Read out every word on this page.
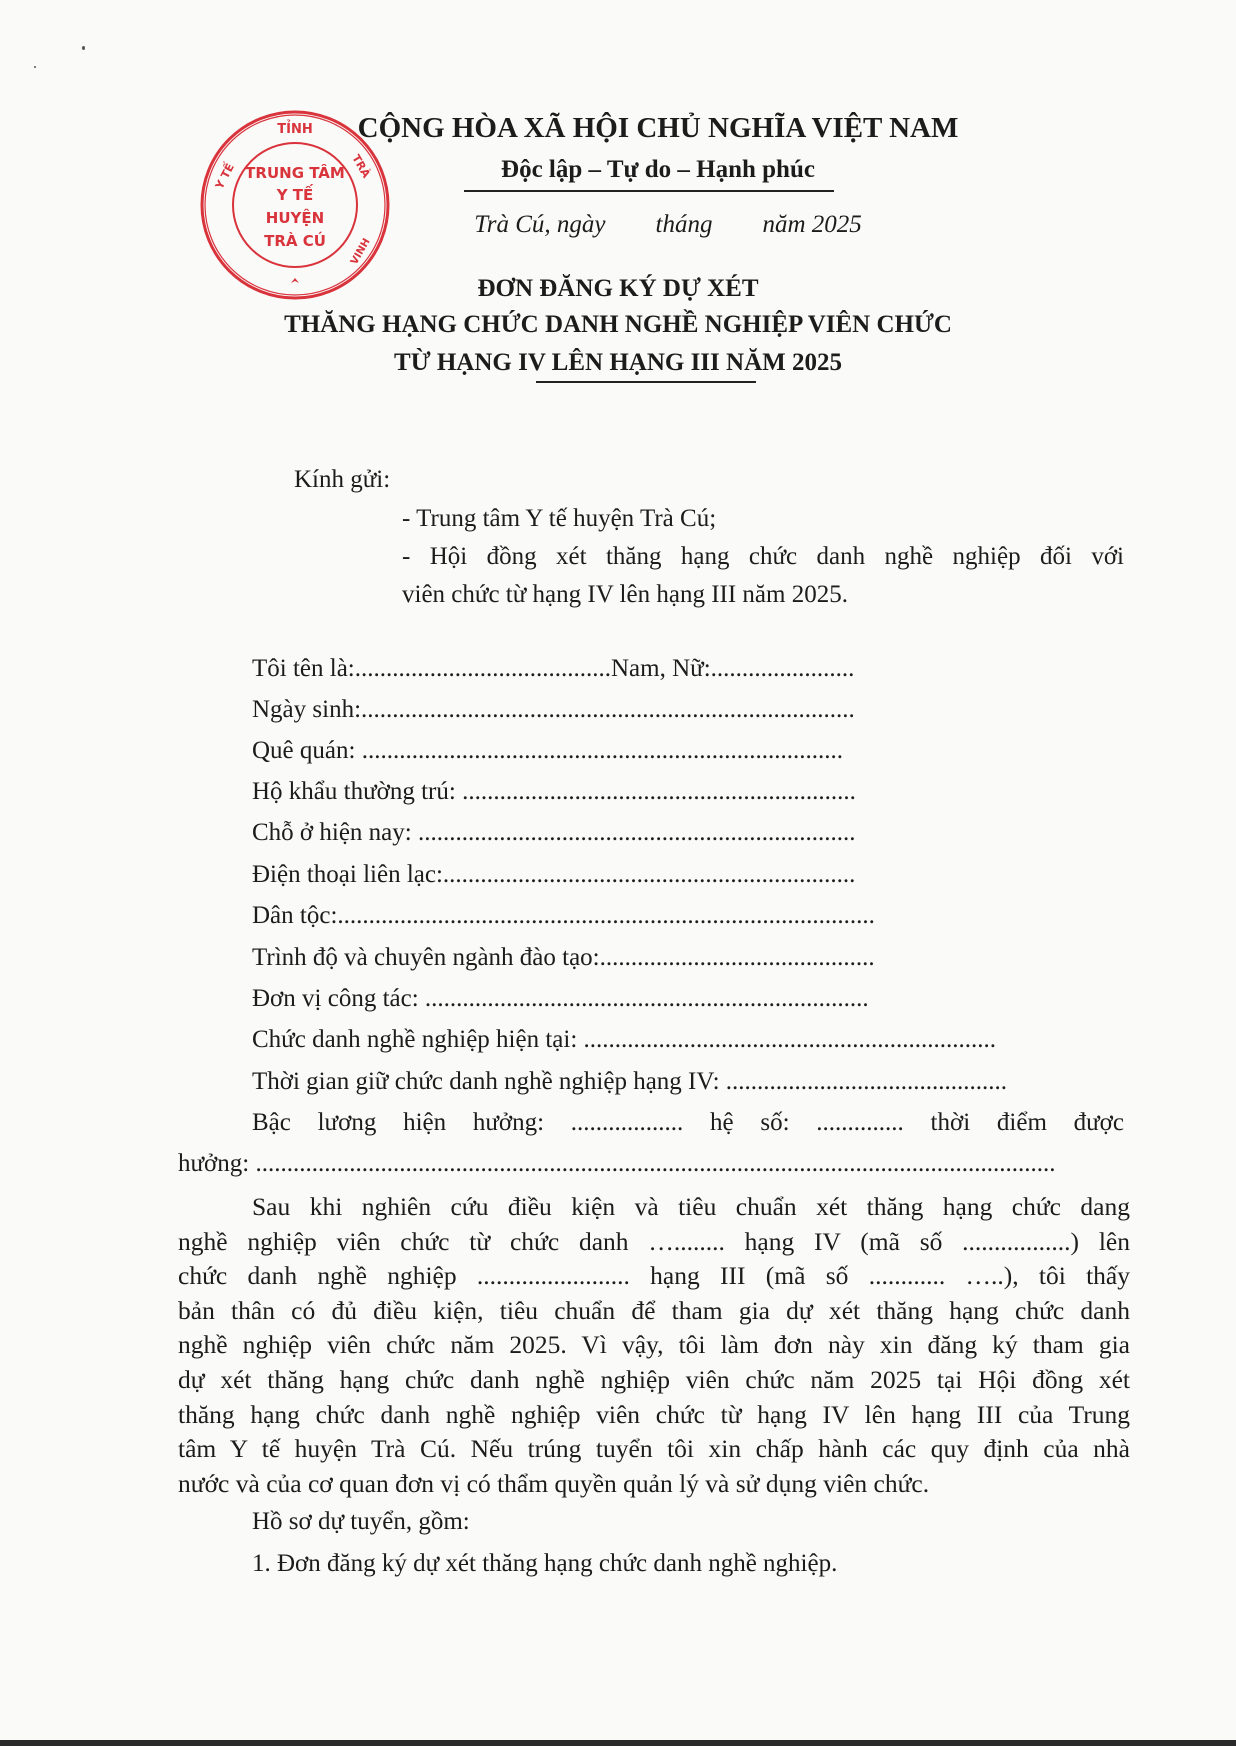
TỈNH
Y TẾ	TRÀ
VINH
TRUNG TÂM
Y TẾ
HUYỆN
TRÀ CÚ
CỘNG HÒA XÃ HỘI CHỦ NGHĨA VIỆT NAM
Độc lập – Tự do – Hạnh phúc
Trà Cú, ngày        tháng        năm 2025
ĐƠN ĐĂNG KÝ DỰ XÉT
THĂNG HẠNG CHỨC DANH NGHỀ NGHIỆP VIÊN CHỨC
TỪ HẠNG IV LÊN HẠNG III NĂM 2025
Kính gửi:
- Trung tâm Y tế huyện Trà Cú;
- Hội đồng xét thăng hạng chức danh nghề nghiệp đối với
viên chức từ hạng IV lên hạng III năm 2025.
Tôi tên là:.........................................Nam, Nữ:.......................
Ngày sinh:...............................................................................
Quê quán: .............................................................................
Hộ khẩu thường trú: ...............................................................
Chỗ ở hiện nay: ......................................................................
Điện thoại liên lạc:..................................................................
Dân tộc:......................................................................................
Trình độ và chuyên ngành đào tạo:............................................
Đơn vị công tác: .......................................................................
Chức danh nghề nghiệp hiện tại: ..................................................................
Thời gian giữ chức danh nghề nghiệp hạng IV: .............................................
Bậc lương hiện hưởng: .................. hệ số: .............. thời điểm được
hưởng: ................................................................................................................................
Sau khi nghiên cứu điều kiện và tiêu chuẩn xét thăng hạng chức dang
nghề nghiệp viên chức từ chức danh …........ hạng IV (mã số .................) lên
chức danh nghề nghiệp ........................ hạng III (mã số ............ …..), tôi thấy
bản thân có đủ điều kiện, tiêu chuẩn để tham gia dự xét thăng hạng chức danh
nghề nghiệp viên chức năm 2025. Vì vậy, tôi làm đơn này xin đăng ký tham gia
dự xét thăng hạng chức danh nghề nghiệp viên chức năm 2025 tại Hội đồng xét
thăng hạng chức danh nghề nghiệp viên chức từ hạng IV lên hạng III của Trung
tâm Y tế huyện Trà Cú. Nếu trúng tuyển tôi xin chấp hành các quy định của nhà
nước và của cơ quan đơn vị có thẩm quyền quản lý và sử dụng viên chức.
Hồ sơ dự tuyển, gồm:
1. Đơn đăng ký dự xét thăng hạng chức danh nghề nghiệp.
